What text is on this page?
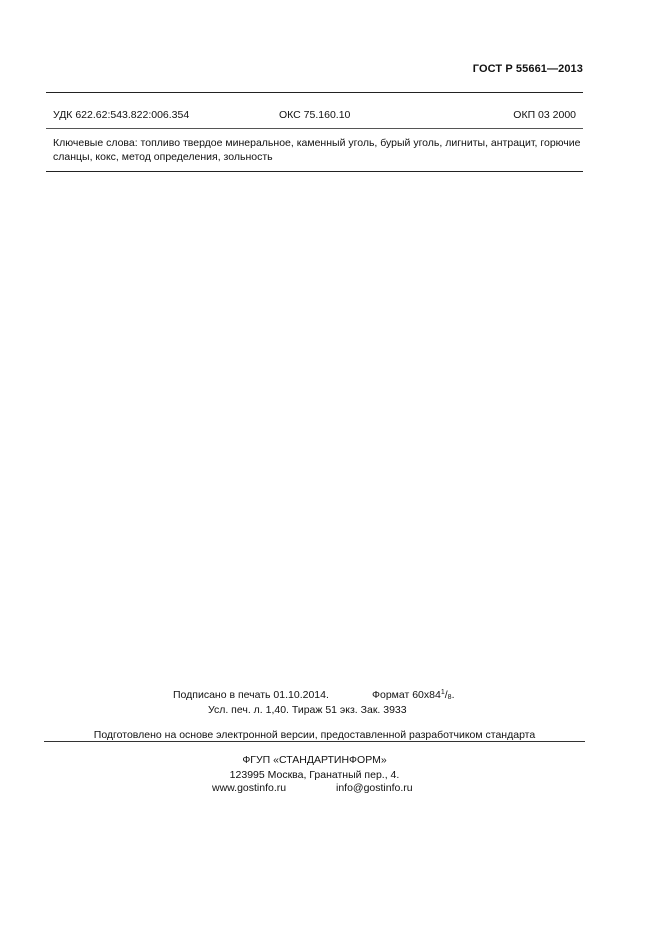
ГОСТ Р 55661—2013
УДК 622.62:543.822:006.354	ОКС 75.160.10	ОКП 03 2000
Ключевые слова: топливо твердое минеральное, каменный уголь, бурый уголь, лигниты, антрацит, горючие сланцы, кокс, метод определения, зольность
Подписано в печать 01.10.2014.	Формат $60x84^1/_8$.
Усл. печ. л. 1,40. Тираж 51 экз. Зак. 3933
Подготовлено на основе электронной версии, предоставленной разработчиком стандарта
ФГУП «СТАНДАРТИНФОРМ»
123995 Москва, Гранатный пер., 4.
www.gostinfo.ru	info@gostinfo.ru
